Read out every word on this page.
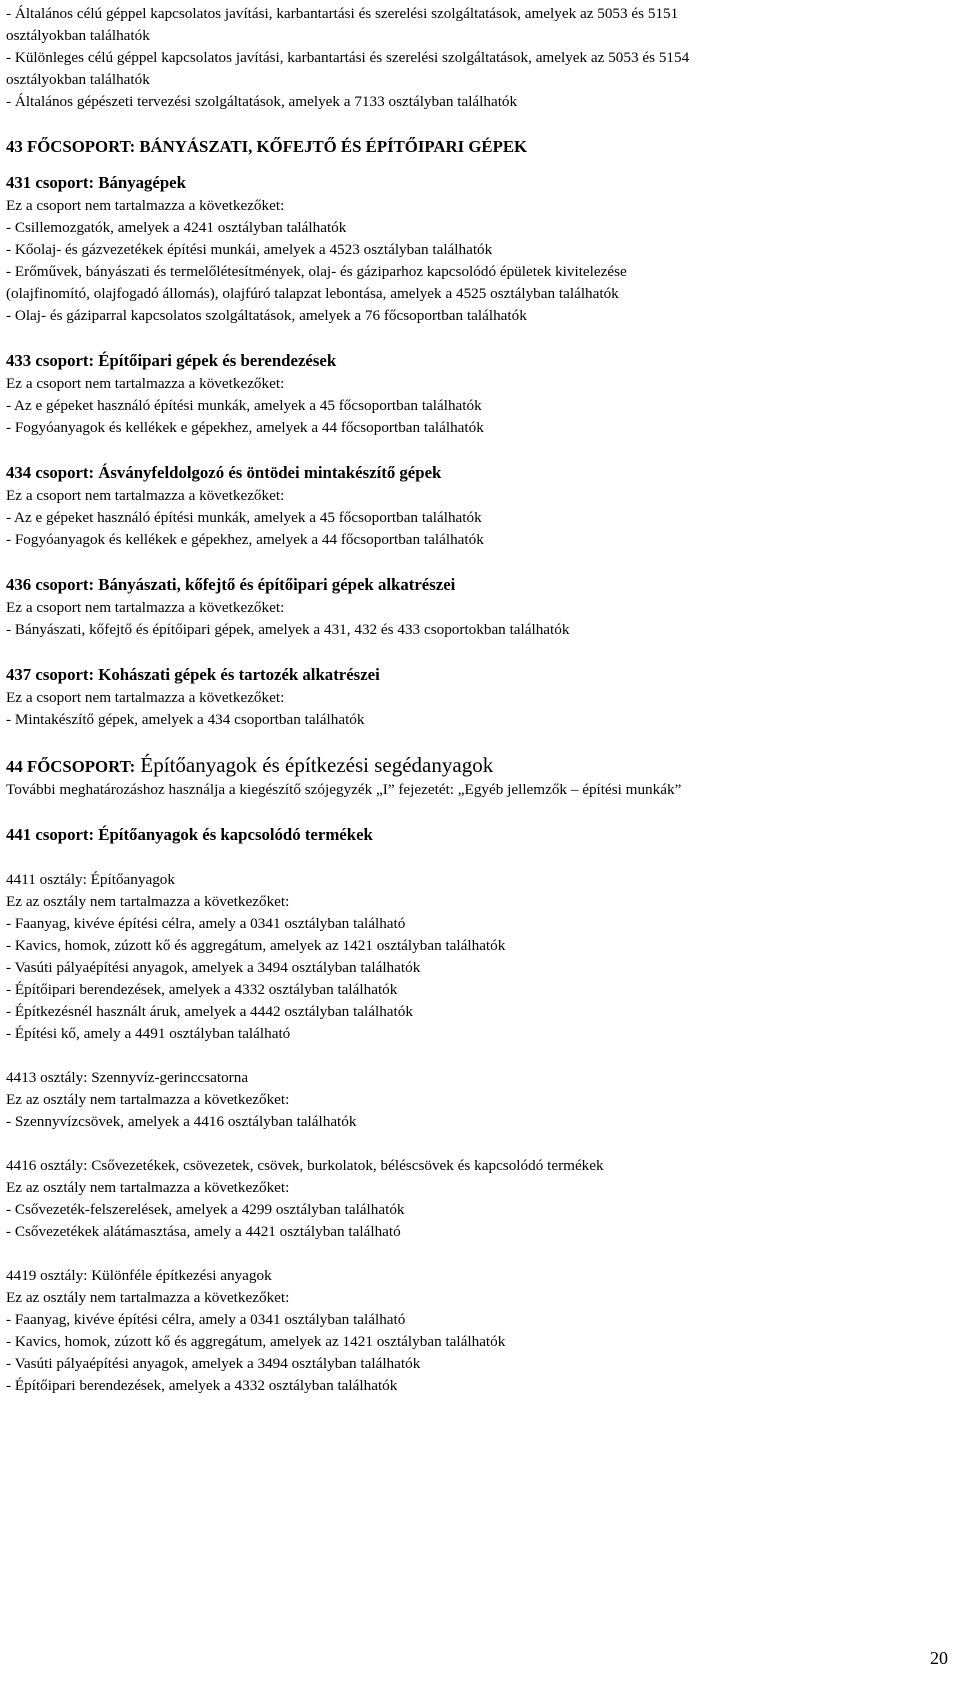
- Általános célú géppel kapcsolatos javítási, karbantartási és szerelési szolgáltatások, amelyek az 5053 és 5151
osztályokban találhatók
- Különleges célú géppel kapcsolatos javítási, karbantartási és szerelési szolgáltatások, amelyek az 5053 és 5154
osztályokban találhatók
- Általános gépészeti tervezési szolgáltatások, amelyek a 7133 osztályban találhatók
43 FŐCSOPORT: BÁNYÁSZATI, KŐFEJTŐ ÉS ÉPÍTŐIPARI GÉPEK
431 csoport: Bányagépek
Ez a csoport nem tartalmazza a következőket:
- Csillemozgatók, amelyek a 4241 osztályban találhatók
- Kőolaj- és gázvezetékek építési munkái, amelyek a 4523 osztályban találhatók
- Erőművek, bányászati és termelőlétesítmények, olaj- és gáziparhoz kapcsolódó épületek kivitelezése
(olajfinomító, olajfogadó állomás), olajfúró talapzat lebontása, amelyek a 4525 osztályban találhatók
- Olaj- és gáziparral kapcsolatos szolgáltatások, amelyek a 76 főcsoportban találhatók
433 csoport: Építőipari gépek és berendezések
Ez a csoport nem tartalmazza a következőket:
- Az e gépeket használó építési munkák, amelyek a 45 főcsoportban találhatók
- Fogyóanyagok és kellékek e gépekhez, amelyek a 44 főcsoportban találhatók
434 csoport: Ásványfeldolgozó és öntödei mintakészítő gépek
Ez a csoport nem tartalmazza a következőket:
- Az e gépeket használó építési munkák, amelyek a 45 főcsoportban találhatók
- Fogyóanyagok és kellékek e gépekhez, amelyek a 44 főcsoportban találhatók
436 csoport: Bányászati, kőfejtő és építőipari gépek alkatrészei
Ez a csoport nem tartalmazza a következőket:
- Bányászati, kőfejtő és építőipari gépek, amelyek a 431, 432 és 433 csoportokban találhatók
437 csoport: Kohászati gépek és tartozék alkatrészei
Ez a csoport nem tartalmazza a következőket:
- Mintakészítő gépek, amelyek a 434 csoportban találhatók
44 FŐCSOPORT: Építőanyagok és építkezési segédanyagok
További meghatározáshoz használja a kiegészítő szójegyzék „I” fejezetét: „Egyéb jellemzők – építési munkák”
441 csoport: Építőanyagok és kapcsolódó termékek
4411 osztály: Építőanyagok
Ez az osztály nem tartalmazza a következőket:
- Faanyag, kivéve építési célra, amely a 0341 osztályban található
- Kavics, homok, zúzott kő és aggregátum, amelyek az 1421 osztályban találhatók
- Vasúti pályaépítési anyagok, amelyek a 3494 osztályban találhatók
- Építőipari berendezések, amelyek a 4332 osztályban találhatók
- Építkezésnél használt áruk, amelyek a 4442 osztályban találhatók
- Építési kő, amely a 4491 osztályban található
4413 osztály: Szennyvíz-gerinccsatorna
Ez az osztály nem tartalmazza a következőket:
- Szennyvízcsövek, amelyek a 4416 osztályban találhatók
4416 osztály: Csővezetékek, csövezetek, csövek, burkolatok, béléscsövek és kapcsolódó termékek
Ez az osztály nem tartalmazza a következőket:
- Csővezeték-felszerelések, amelyek a 4299 osztályban találhatók
- Csővezetékek alátámasztása, amely a 4421 osztályban található
4419 osztály: Különféle építkezési anyagok
Ez az osztály nem tartalmazza a következőket:
- Faanyag, kivéve építési célra, amely a 0341 osztályban található
- Kavics, homok, zúzott kő és aggregátum, amelyek az 1421 osztályban találhatók
- Vasúti pályaépítési anyagok, amelyek a 3494 osztályban találhatók
- Építőipari berendezések, amelyek a 4332 osztályban találhatók
20
